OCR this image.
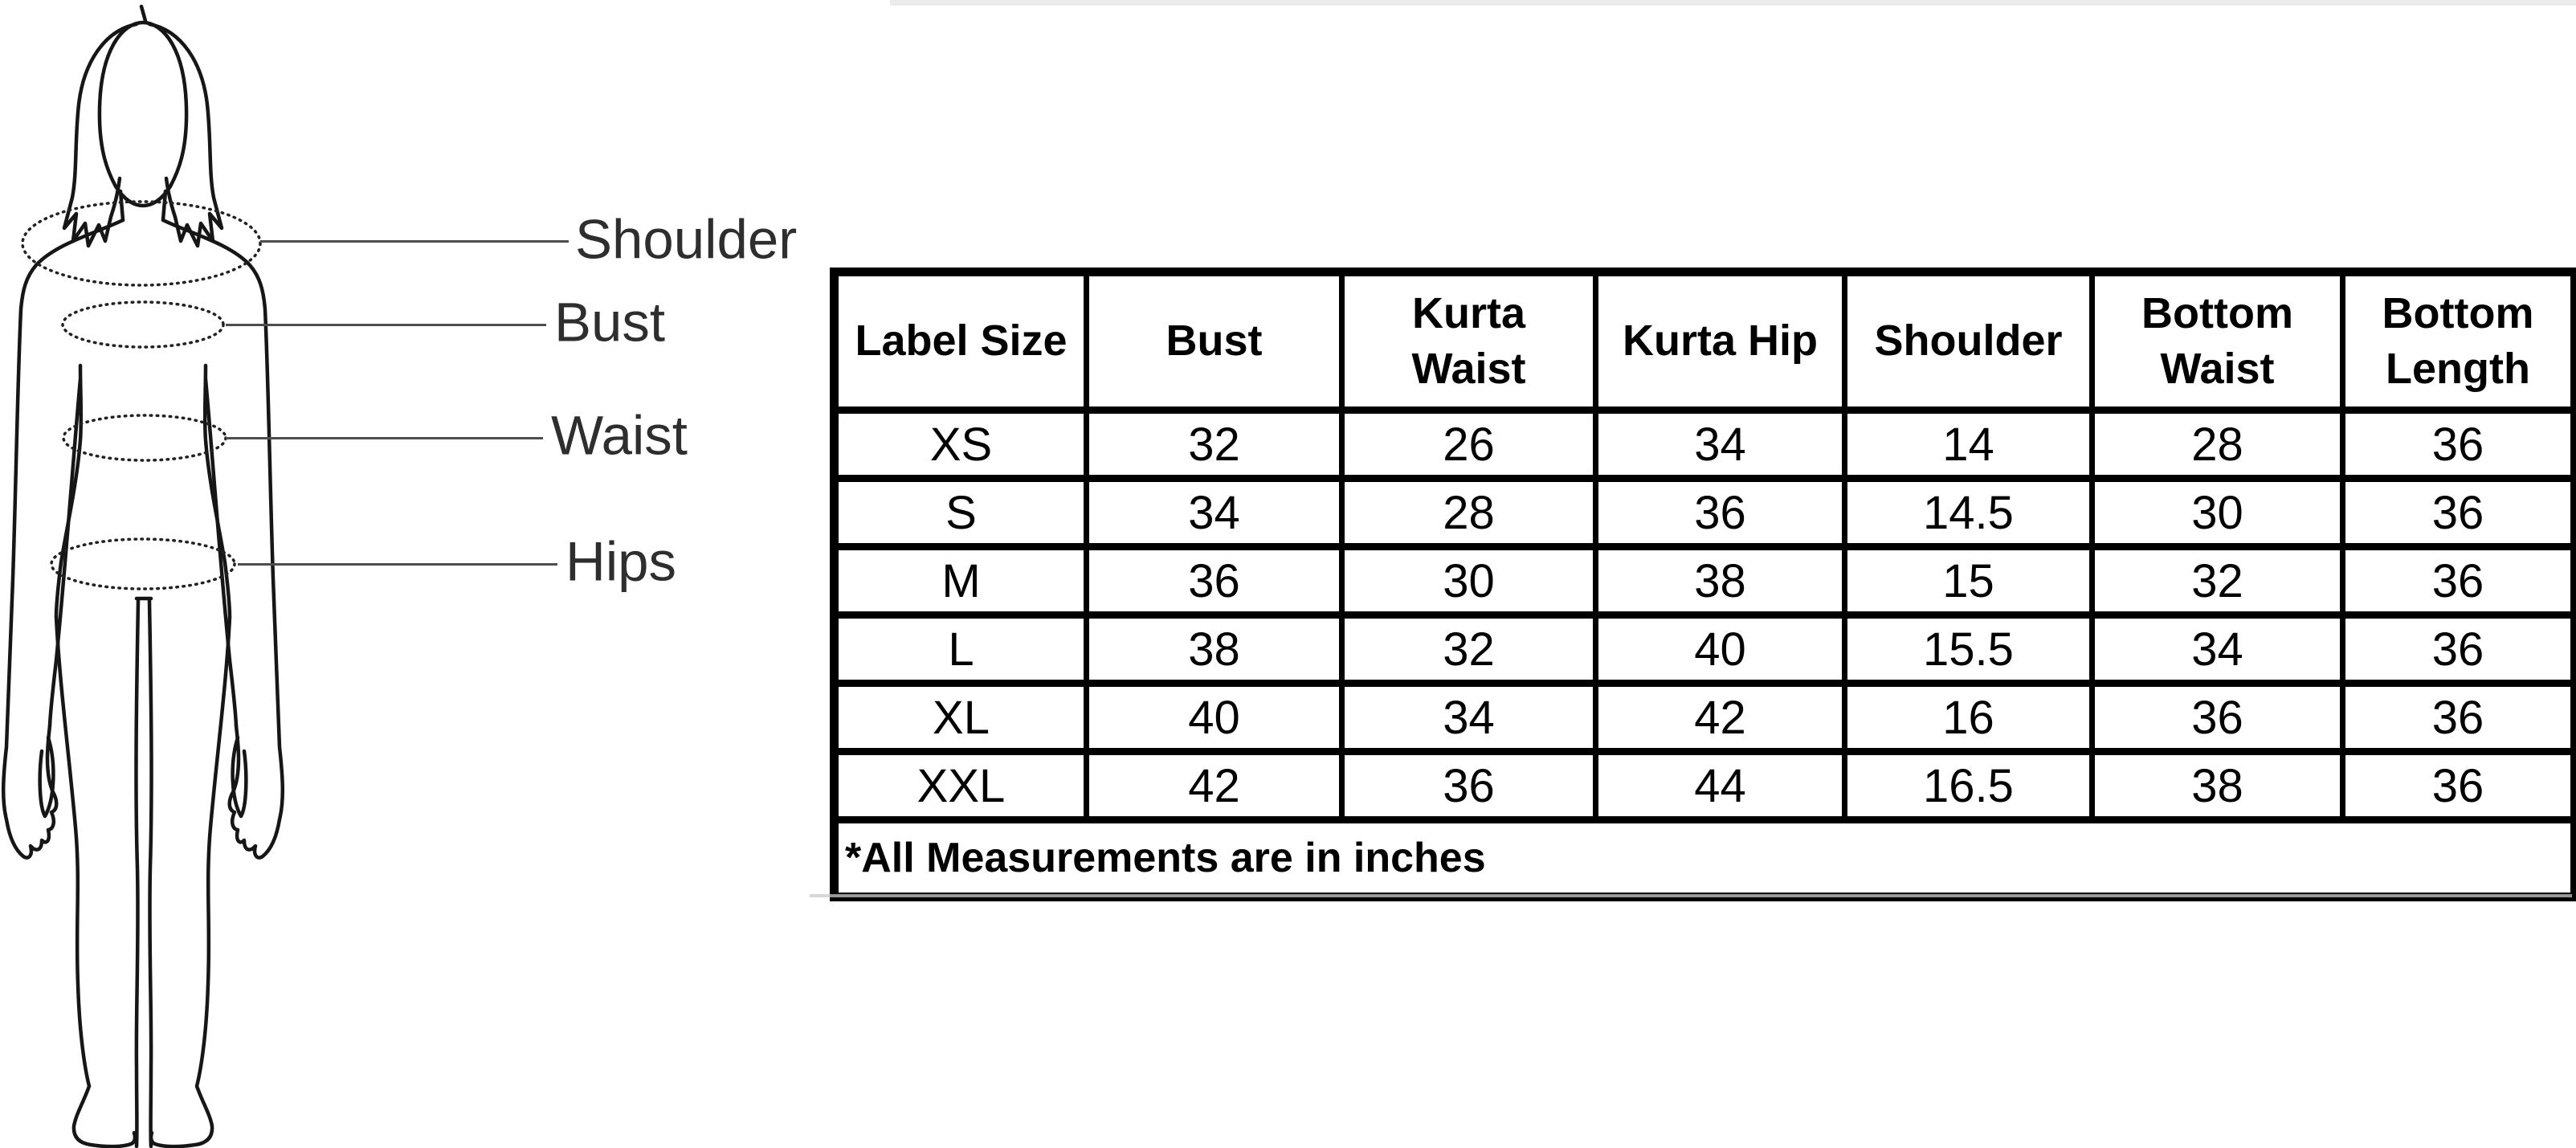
Shoulder
Bust
Waist
Hips
Label Size	Bust	Kurta Waist	Kurta Hip	Shoulder	Bottom Waist	Bottom Length
XS	32	26	34	14	28	36
S	34	28	36	14.5	30	36
M	36	30	38	15	32	36
L	38	32	40	15.5	34	36
XL	40	34	42	16	36	36
XXL	42	36	44	16.5	38	36
*All Measurements are in inches						
